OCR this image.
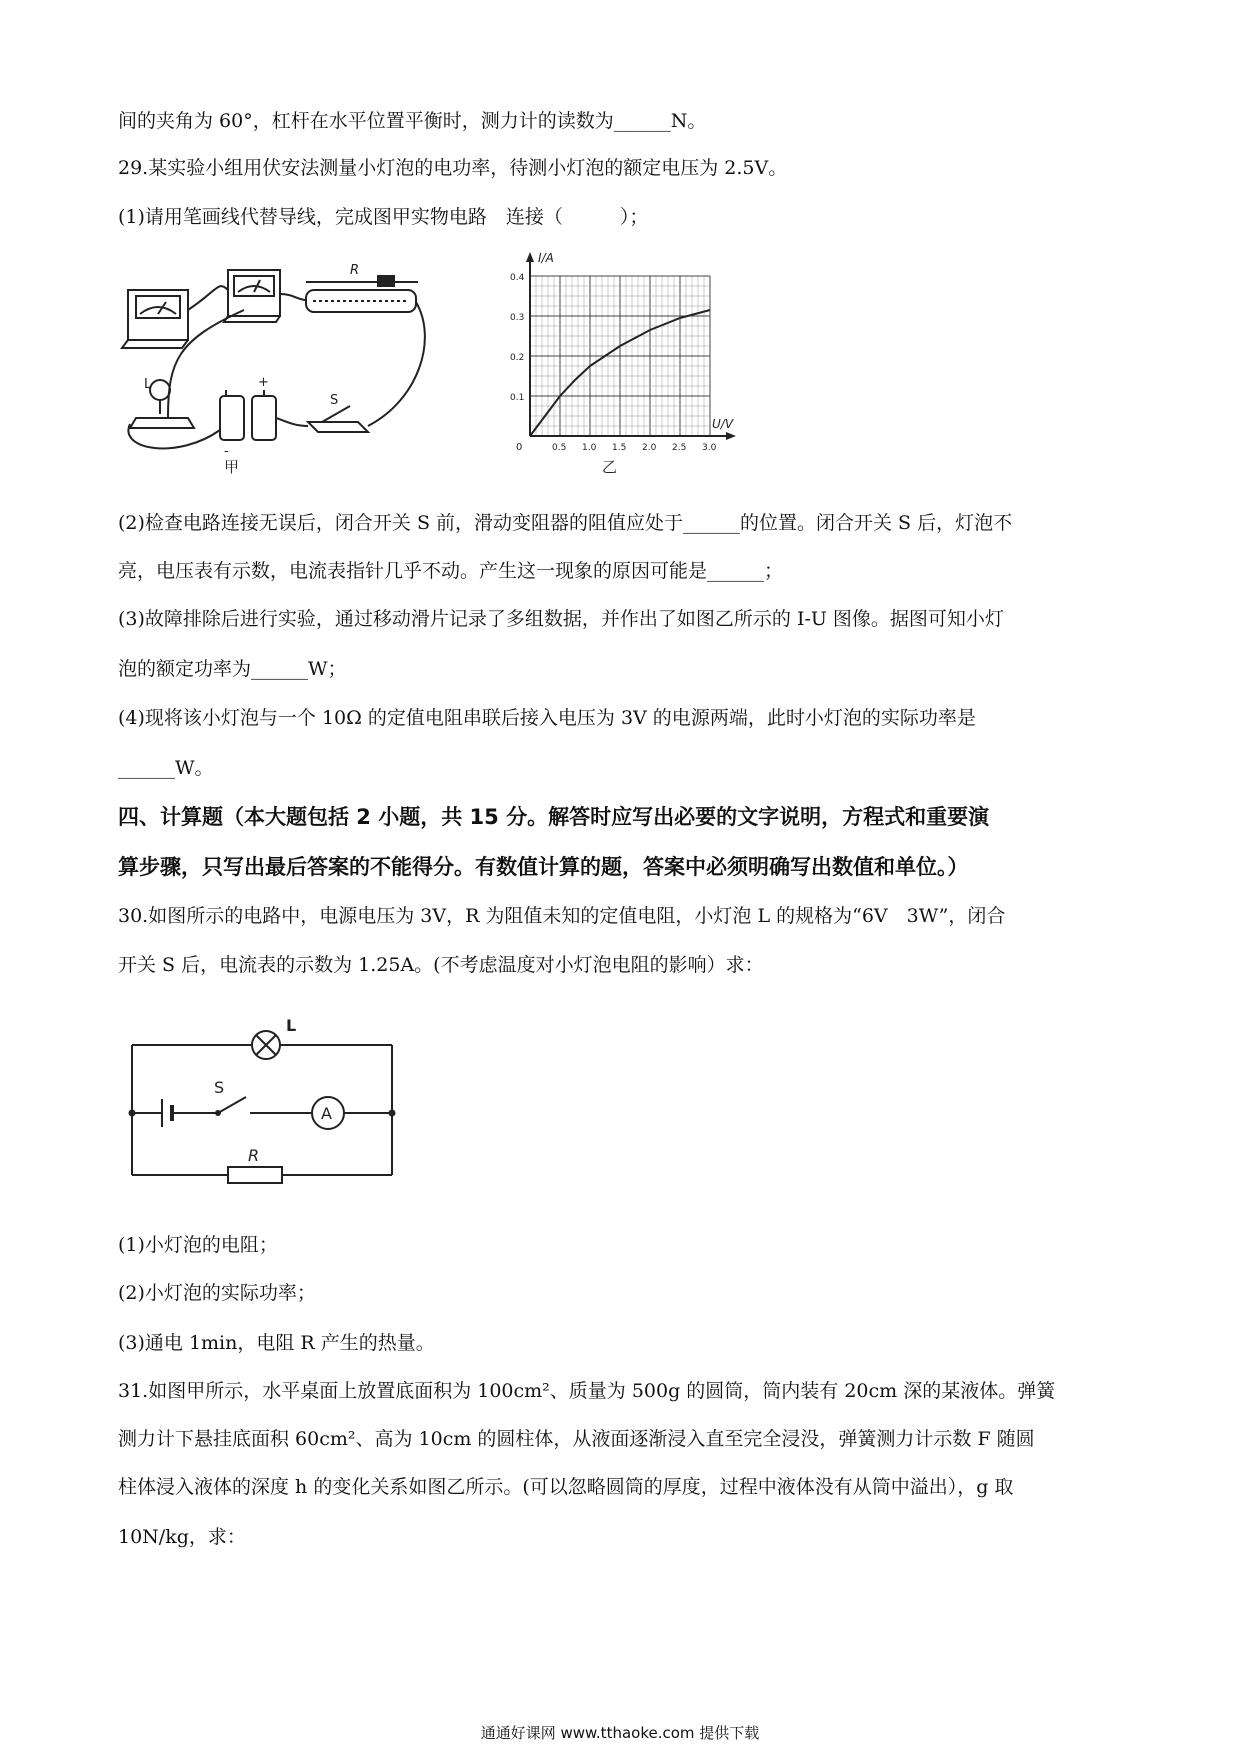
间的夹角为 60°，杠杆在水平位置平衡时，测力计的读数为______N。
29.某实验小组用伏安法测量小灯泡的电功率，待测小灯泡的额定电压为 2.5V。
(1)请用笔画线代替导线，完成图甲实物电路　连接（　　　）；
R
L	+
-
S
甲
I/A
U/V
0	0.5 1.0 1.5 2.0 2.5 3.0
0.1
0.2
0.3
0.4
乙
(2)检查电路连接无误后，闭合开关 S 前，滑动变阻器的阻值应处于______的位置。闭合开关 S 后，灯泡不
亮，电压表有示数，电流表指针几乎不动。产生这一现象的原因可能是______；
(3)故障排除后进行实验，通过移动滑片记录了多组数据，并作出了如图乙所示的 I-U 图像。据图可知小灯
泡的额定功率为______W；
(4)现将该小灯泡与一个 10Ω 的定值电阻串联后接入电压为 3V 的电源两端，此时小灯泡的实际功率是
______W。
四、计算题（本大题包括 2 小题，共 15 分。解答时应写出必要的文字说明，方程式和重要演
算步骤，只写出最后答案的不能得分。有数值计算的题，答案中必须明确写出数值和单位。）
30.如图所示的电路中，电源电压为 3V，R 为阻值未知的定值电阻，小灯泡 L 的规格为“6V　3W”，闭合
开关 S 后，电流表的示数为 1.25A。(不考虑温度对小灯泡电阻的影响）求：
L
S
A
R
(1)小灯泡的电阻；
(2)小灯泡的实际功率；
(3)通电 1min，电阻 R 产生的热量。
31.如图甲所示，水平桌面上放置底面积为 100cm²、质量为 500g 的圆筒，筒内装有 20cm 深的某液体。弹簧
测力计下悬挂底面积 60cm²、高为 10cm 的圆柱体，从液面逐渐浸入直至完全浸没，弹簧测力计示数 F 随圆
柱体浸入液体的深度 h 的变化关系如图乙所示。(可以忽略圆筒的厚度，过程中液体没有从筒中溢出），g 取
10N/kg，求：
通通好课网 www.tthaoke.com 提供下载
